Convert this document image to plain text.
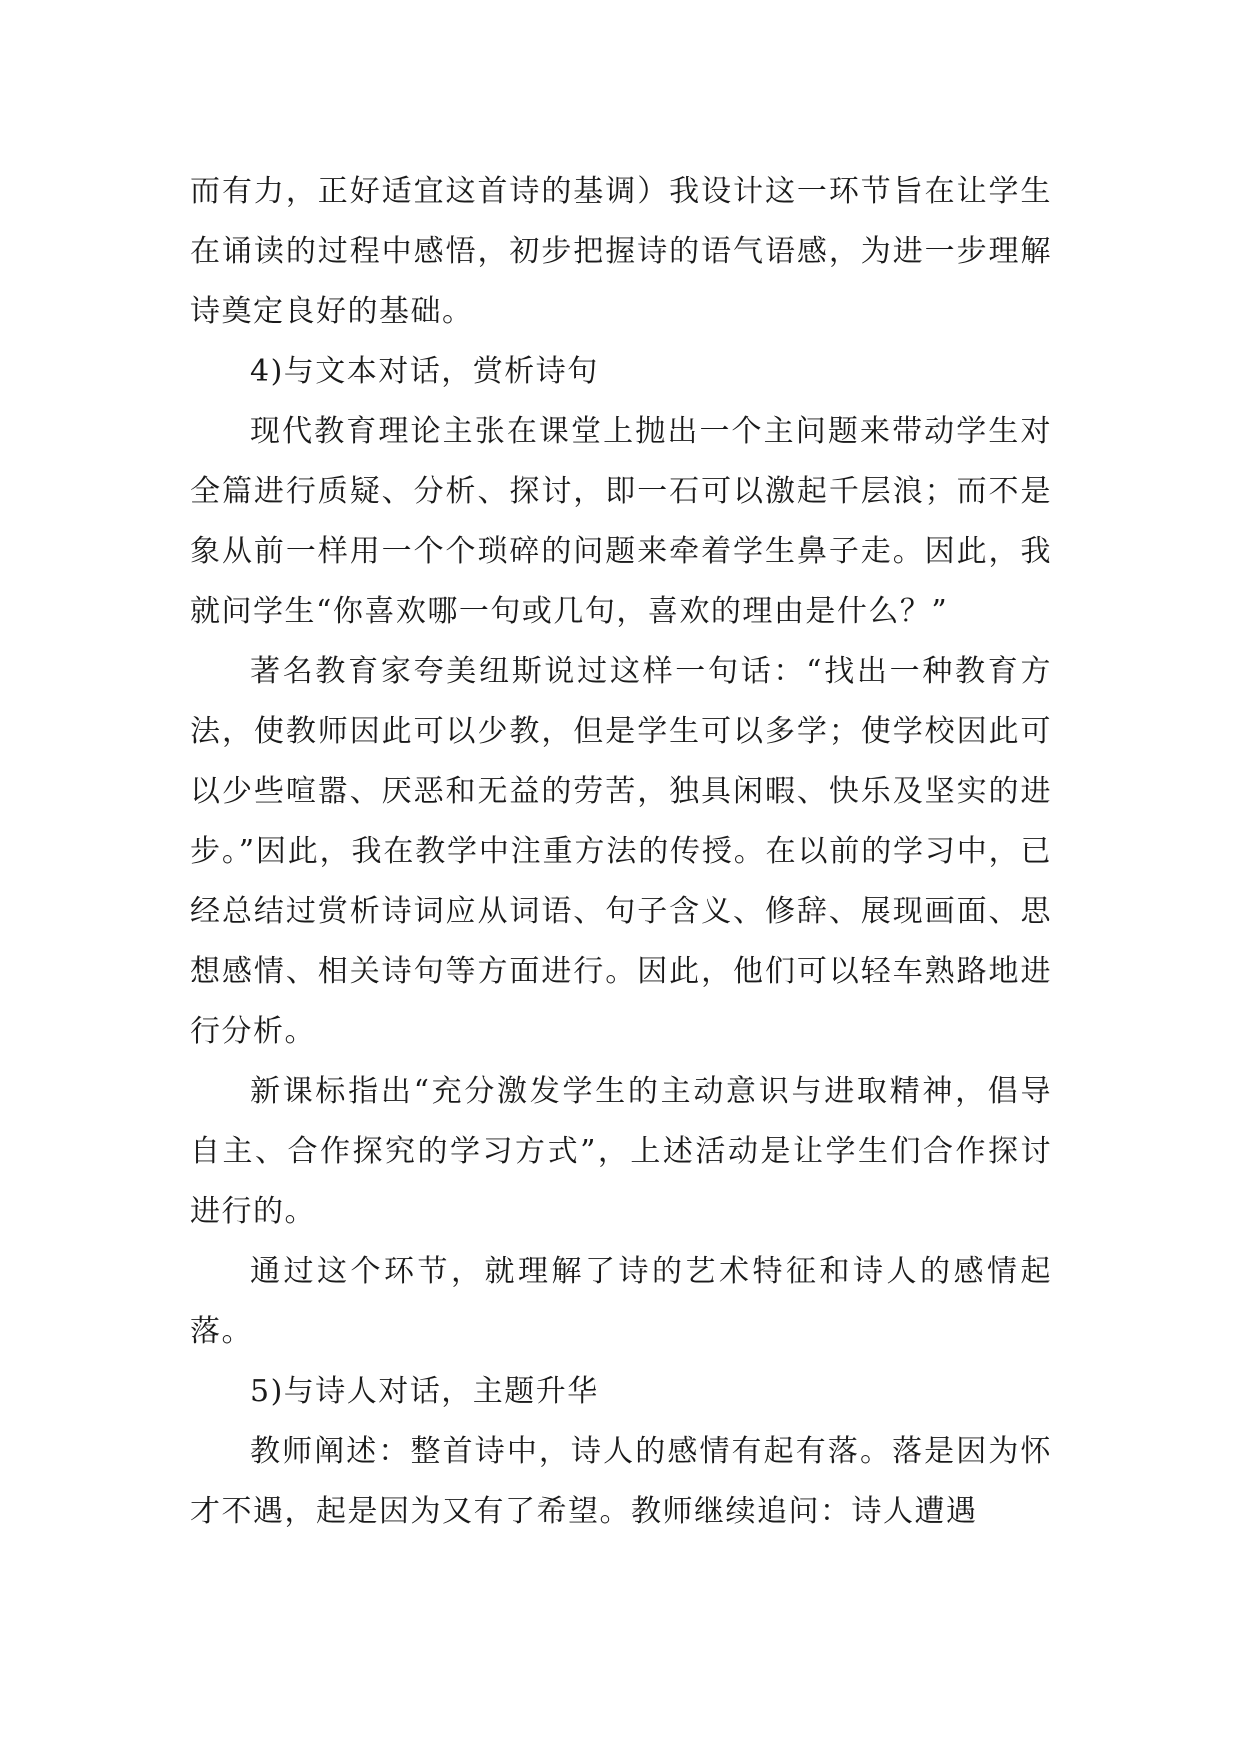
而有力，正好适宜这首诗的基调）我设计这一环节旨在让学生在诵读的过程中感悟，初步把握诗的语气语感，为进一步理解诗奠定良好的基础。

4)与文本对话，赏析诗句

现代教育理论主张在课堂上抛出一个主问题来带动学生对全篇进行质疑、分析、探讨，即一石可以激起千层浪；而不是象从前一样用一个个琐碎的问题来牵着学生鼻子走。因此，我就问学生“你喜欢哪一句或几句，喜欢的理由是什么？”

著名教育家夸美纽斯说过这样一句话：“找出一种教育方法，使教师因此可以少教，但是学生可以多学；使学校因此可以少些喧嚣、厌恶和无益的劳苦，独具闲暇、快乐及坚实的进步。”因此，我在教学中注重方法的传授。在以前的学习中，已经总结过赏析诗词应从词语、句子含义、修辞、展现画面、思想感情、相关诗句等方面进行。因此，他们可以轻车熟路地进行分析。

新课标指出“充分激发学生的主动意识与进取精神，倡导自主、合作探究的学习方式”，上述活动是让学生们合作探讨进行的。

通过这个环节，就理解了诗的艺术特征和诗人的感情起落。

5)与诗人对话，主题升华

教师阐述：整首诗中，诗人的感情有起有落。落是因为怀才不遇，起是因为又有了希望。教师继续追问：诗人遭遇
